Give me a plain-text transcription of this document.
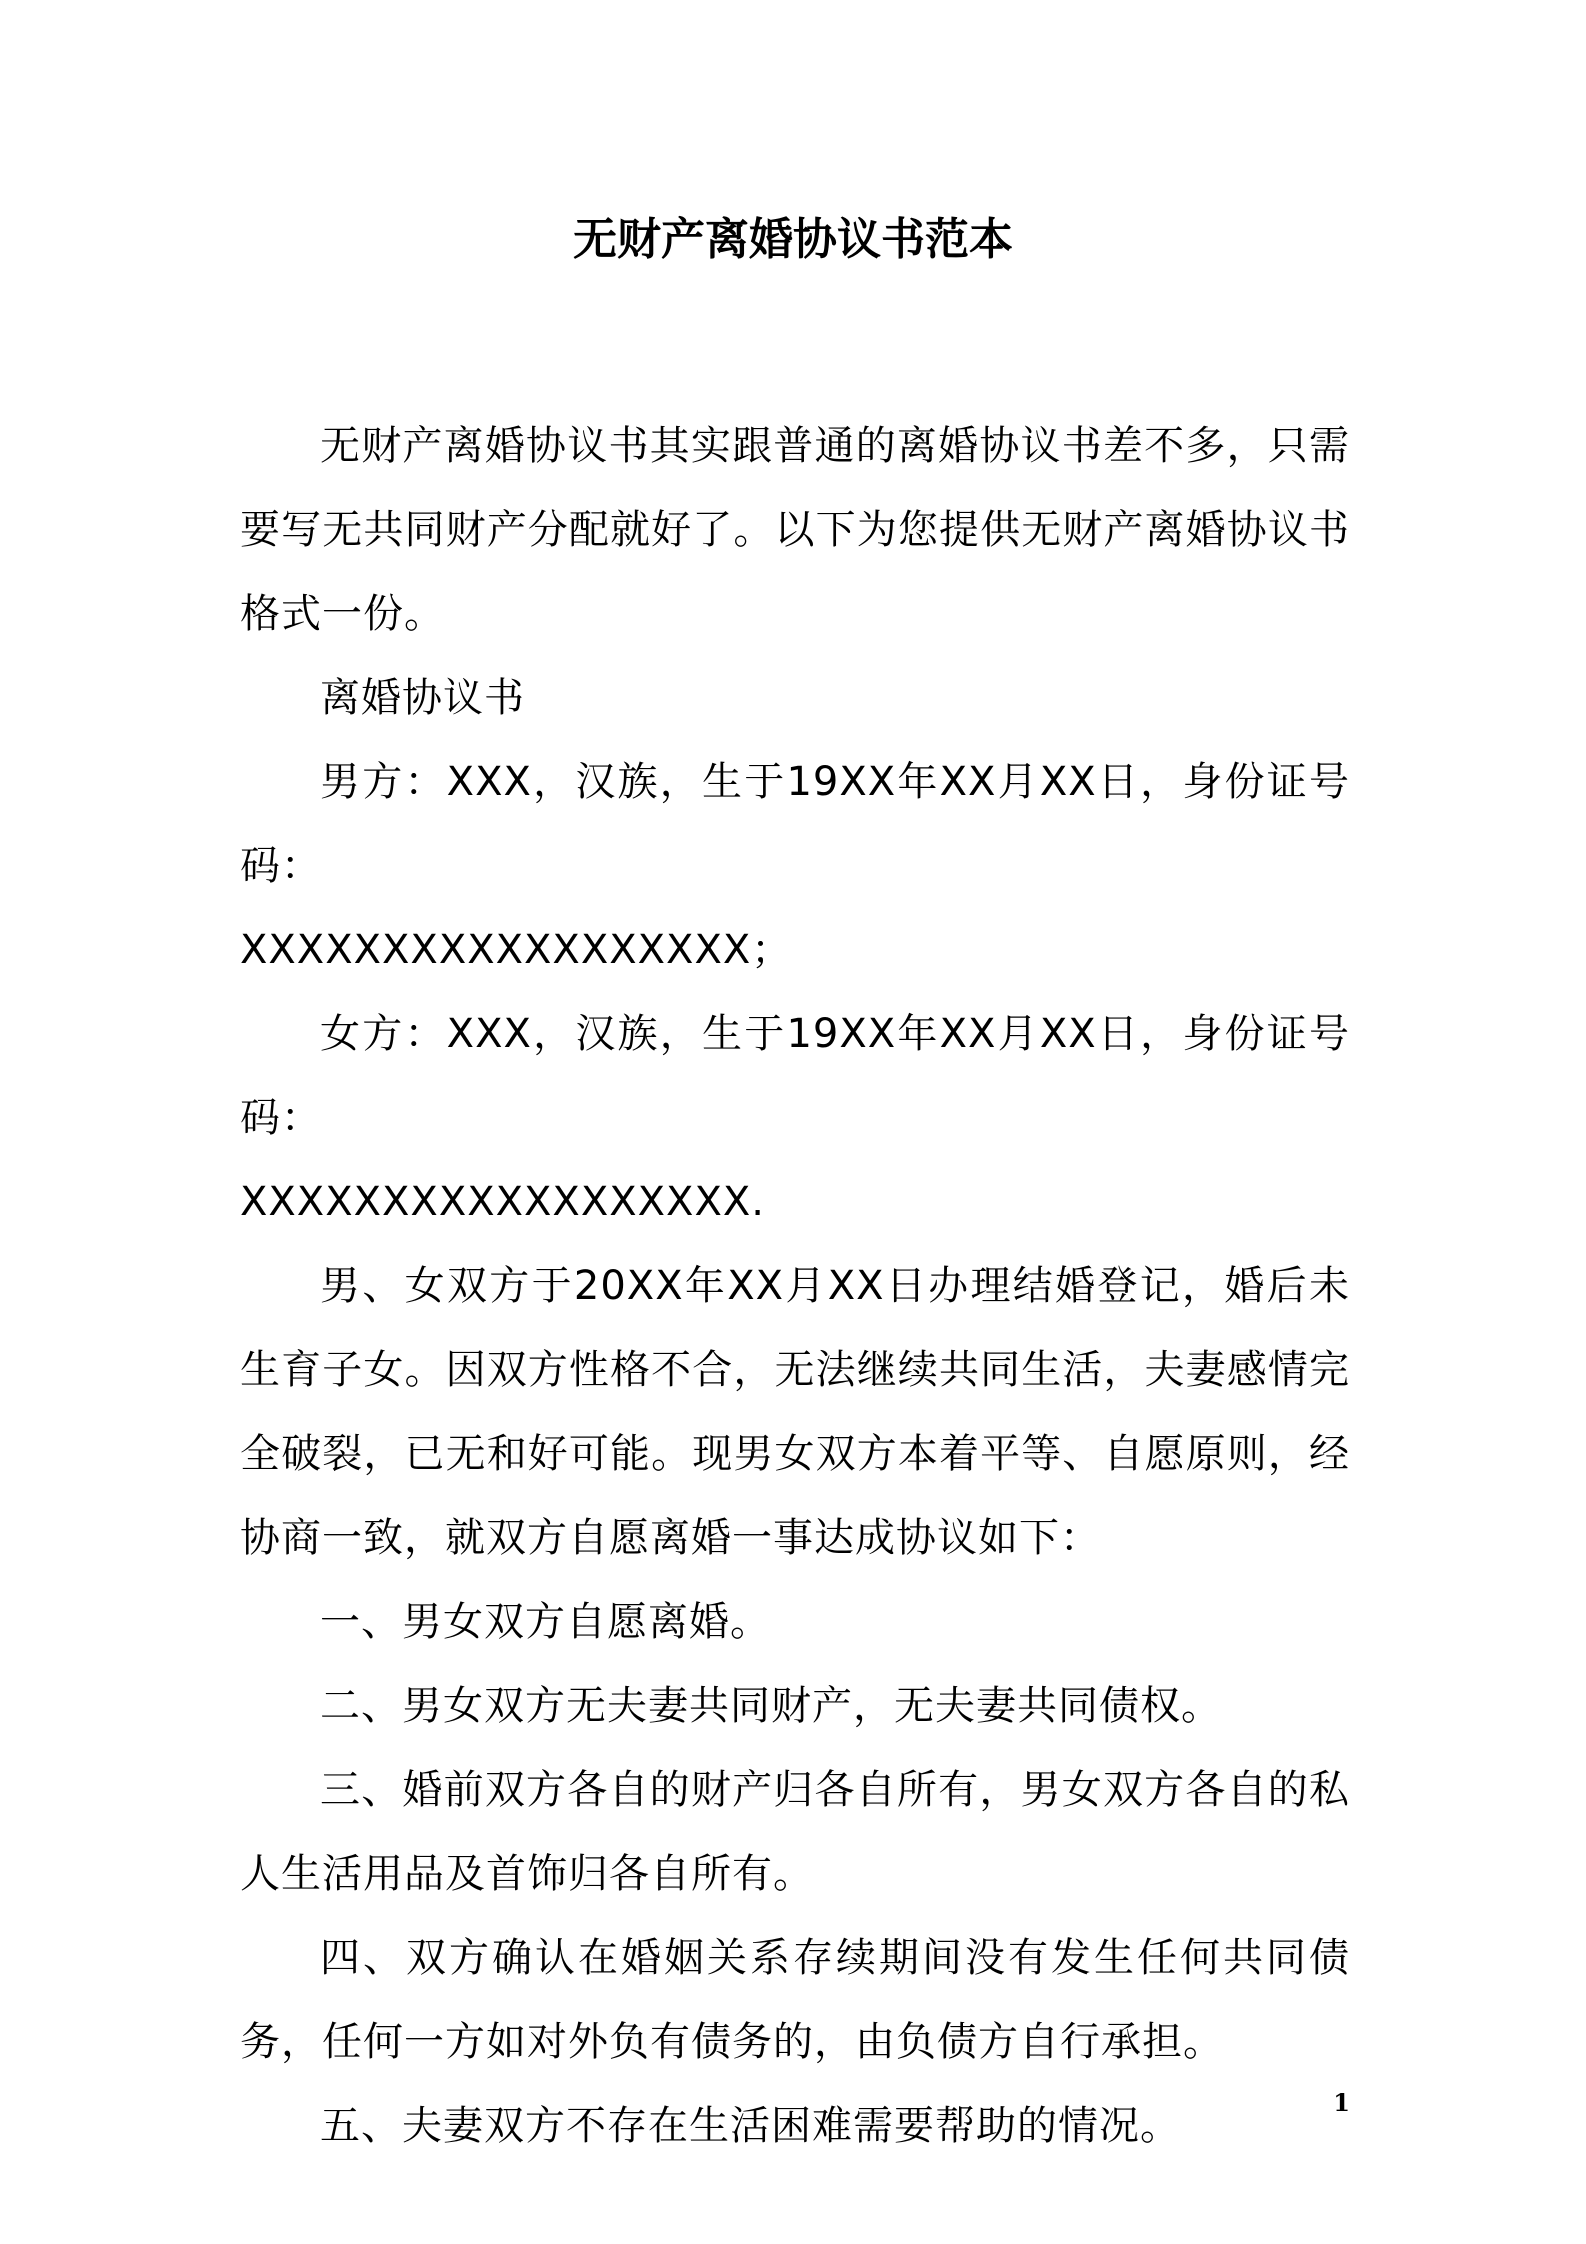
无财产离婚协议书范本

无财产离婚协议书其实跟普通的离婚协议书差不多，只需要写无共同财产分配就好了。以下为您提供无财产离婚协议书格式一份。

离婚协议书

男方：XXX，汉族，生于19XX年XX月XX日，身份证号码：

XXXXXXXXXXXXXXXXXX；

女方：XXX，汉族，生于19XX年XX月XX日，身份证号码：

XXXXXXXXXXXXXXXXXX.

男、女双方于20XX年XX月XX日办理结婚登记，婚后未生育子女。因双方性格不合，无法继续共同生活，夫妻感情完全破裂，已无和好可能。现男女双方本着平等、自愿原则，经协商一致，就双方自愿离婚一事达成协议如下：

一、男女双方自愿离婚。

二、男女双方无夫妻共同财产，无夫妻共同债权。

三、婚前双方各自的财产归各自所有，男女双方各自的私人生活用品及首饰归各自所有。

四、双方确认在婚姻关系存续期间没有发生任何共同债务，任何一方如对外负有债务的，由负债方自行承担。

五、夫妻双方不存在生活困难需要帮助的情况。

1
